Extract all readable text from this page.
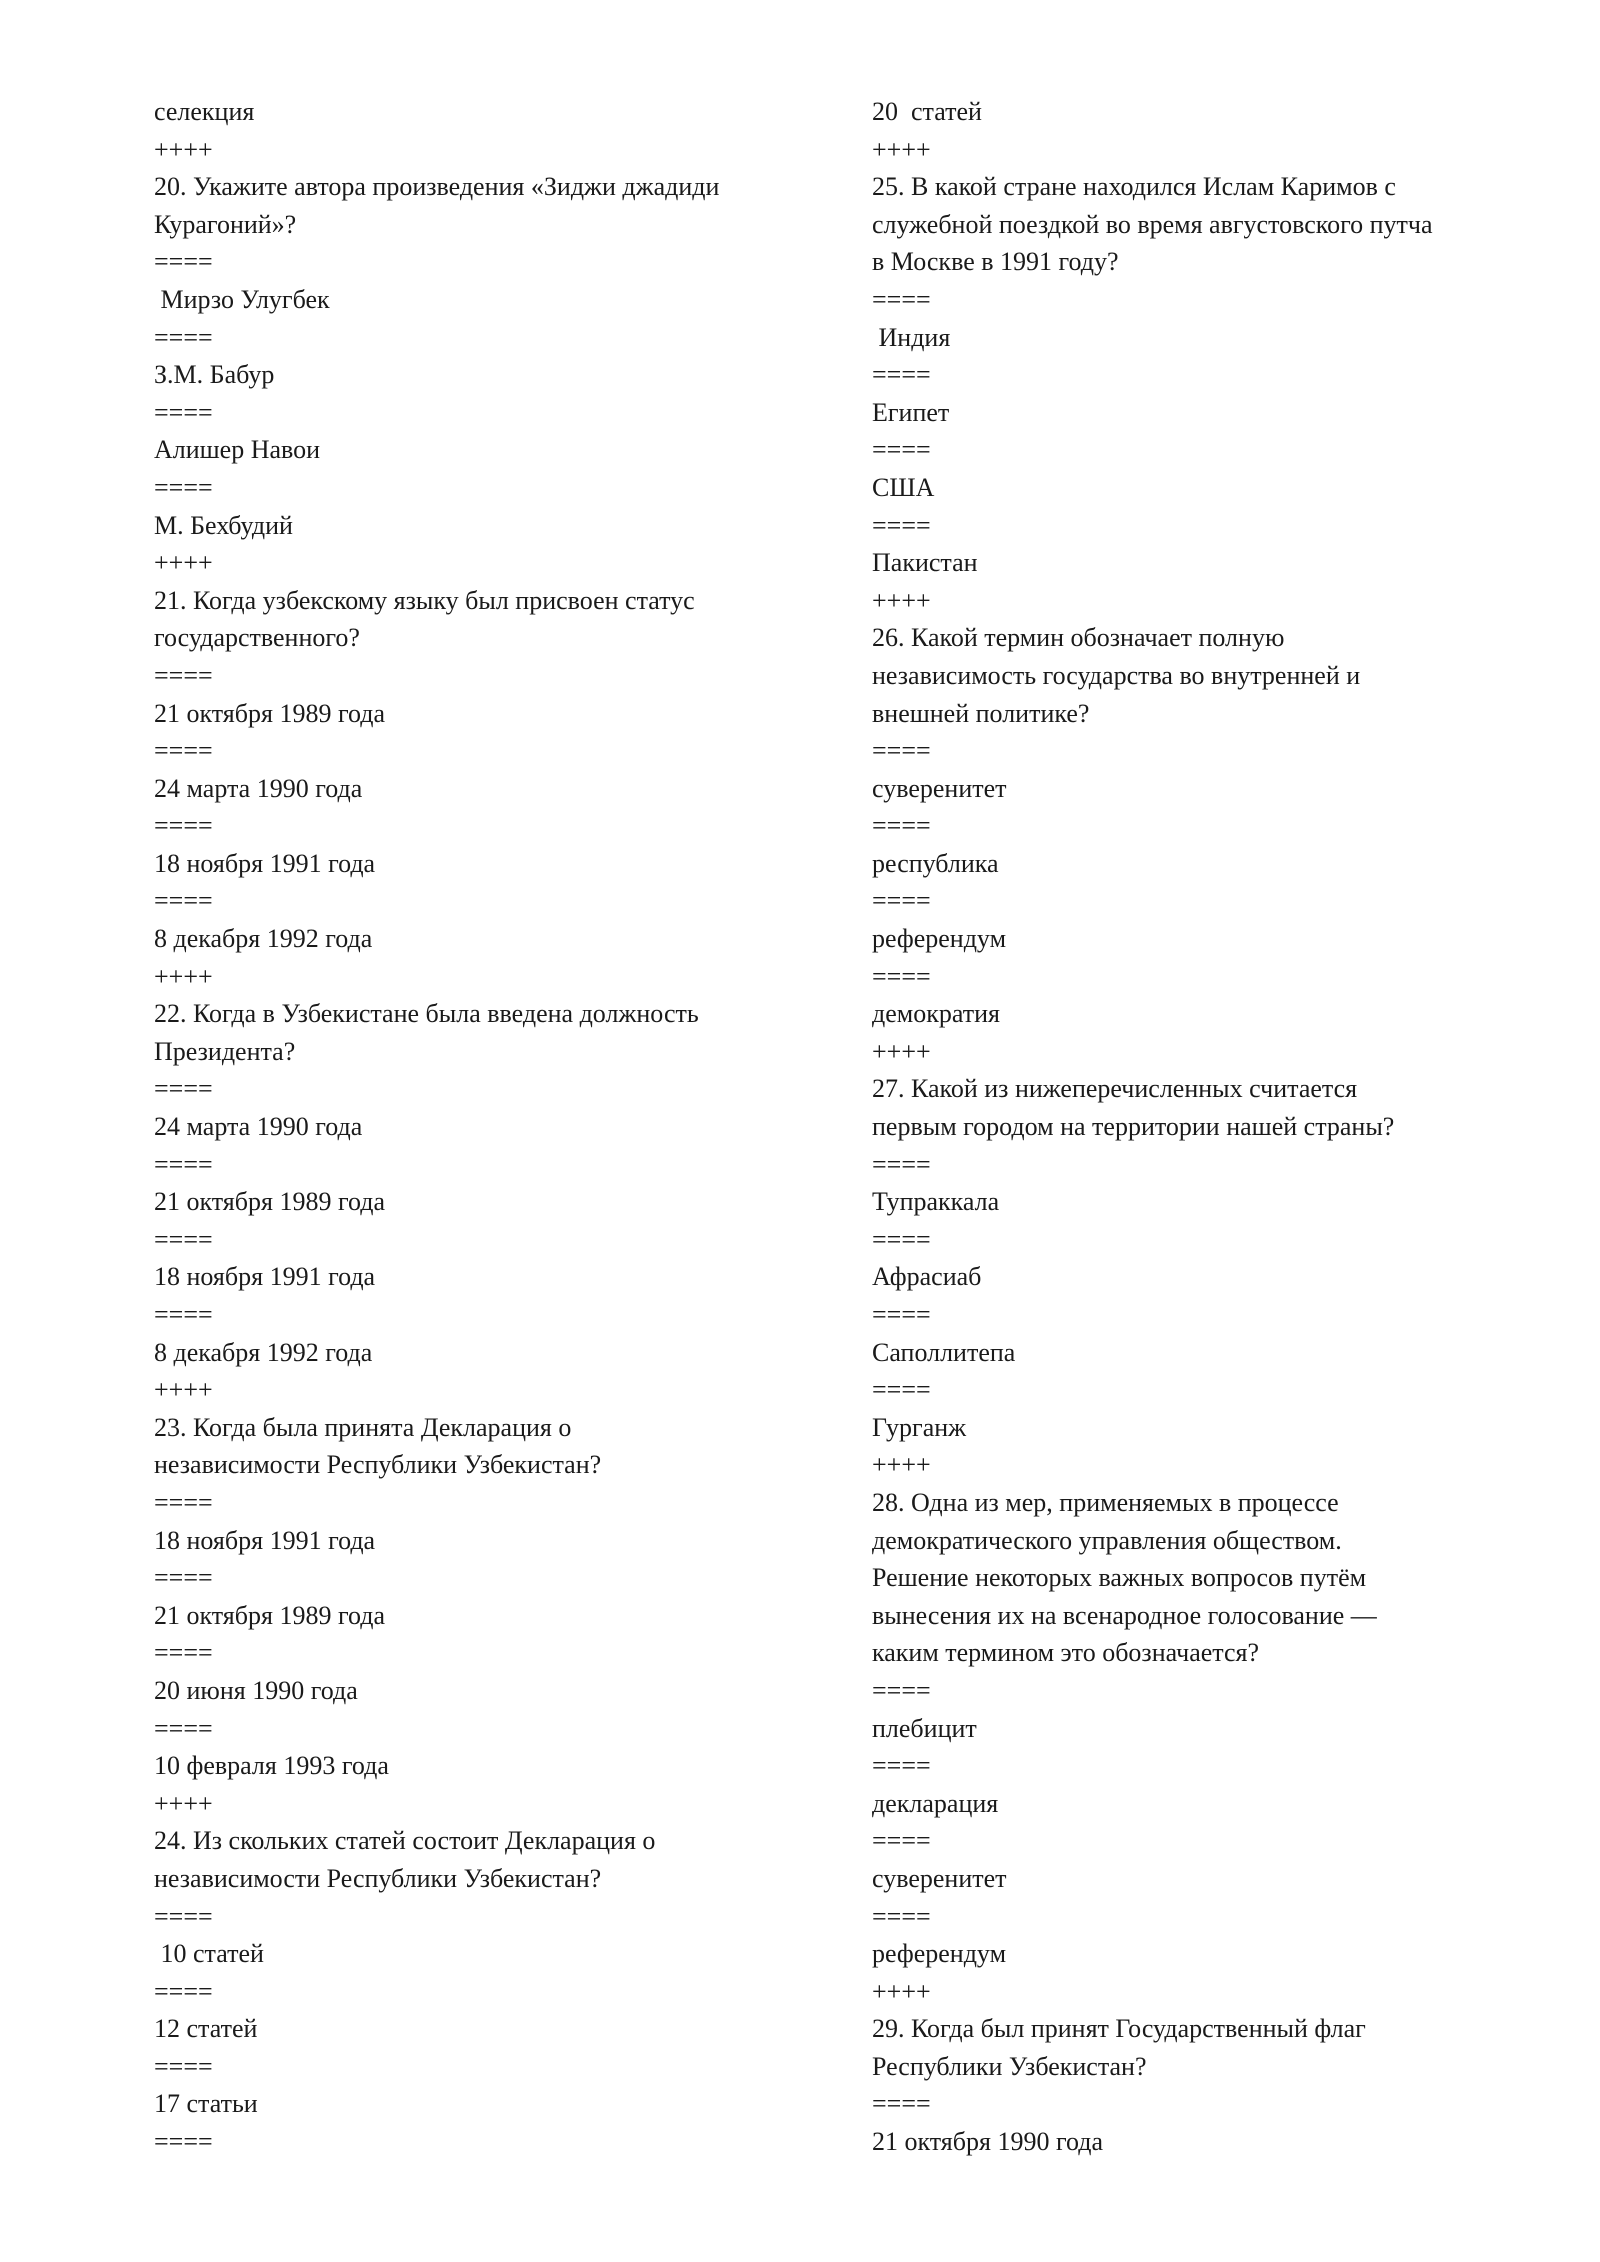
селекция
++++
20. Укажите автора произведения «Зиджи джадиди
Курагоний»?
====
Мирзо Улугбек
====
З.М. Бабур
====
Алишер Навои
====
М. Бехбудий
++++
21. Когда узбекскому языку был присвоен статус
государственного?
====
21 октября 1989 года
====
24 марта 1990 года
====
18 ноября 1991 года
====
8 декабря 1992 года
++++
22. Когда в Узбекистане была введена должность
Президента?
====
24 марта 1990 года
====
21 октября 1989 года
====
18 ноября 1991 года
====
8 декабря 1992 года
++++
23. Когда была принята Декларация о
независимости Республики Узбекистан?
====
18 ноября 1991 года
====
21 октября 1989 года
====
20 июня 1990 года
====
10 февраля 1993 года
++++
24. Из скольких статей состоит Декларация о
независимости Республики Узбекистан?
====
10 статей
====
12 статей
====
17 статьи
====
20  статей
++++
25. В какой стране находился Ислам Каримов с
служебной поездкой во время августовского путча
в Москве в 1991 году?
====
Индия
====
Египет
====
США
====
Пакистан
++++
26. Какой термин обозначает полную
независимость государства во внутренней и
внешней политике?
====
суверенитет
====
республика
====
референдум
====
демократия
++++
27. Какой из нижеперечисленных считается
первым городом на территории нашей страны?
====
Тупраккала
====
Афрасиаб
====
Саполлитепа
====
Гурганж
++++
28. Одна из мер, применяемых в процессе
демократического управления обществом.
Решение некоторых важных вопросов путём
вынесения их на всенародное голосование —
каким термином это обозначается?
====
плебицит
====
декларация
====
суверенитет
====
референдум
++++
29. Когда был принят Государственный флаг
Республики Узбекистан?
====
21 октября 1990 года
